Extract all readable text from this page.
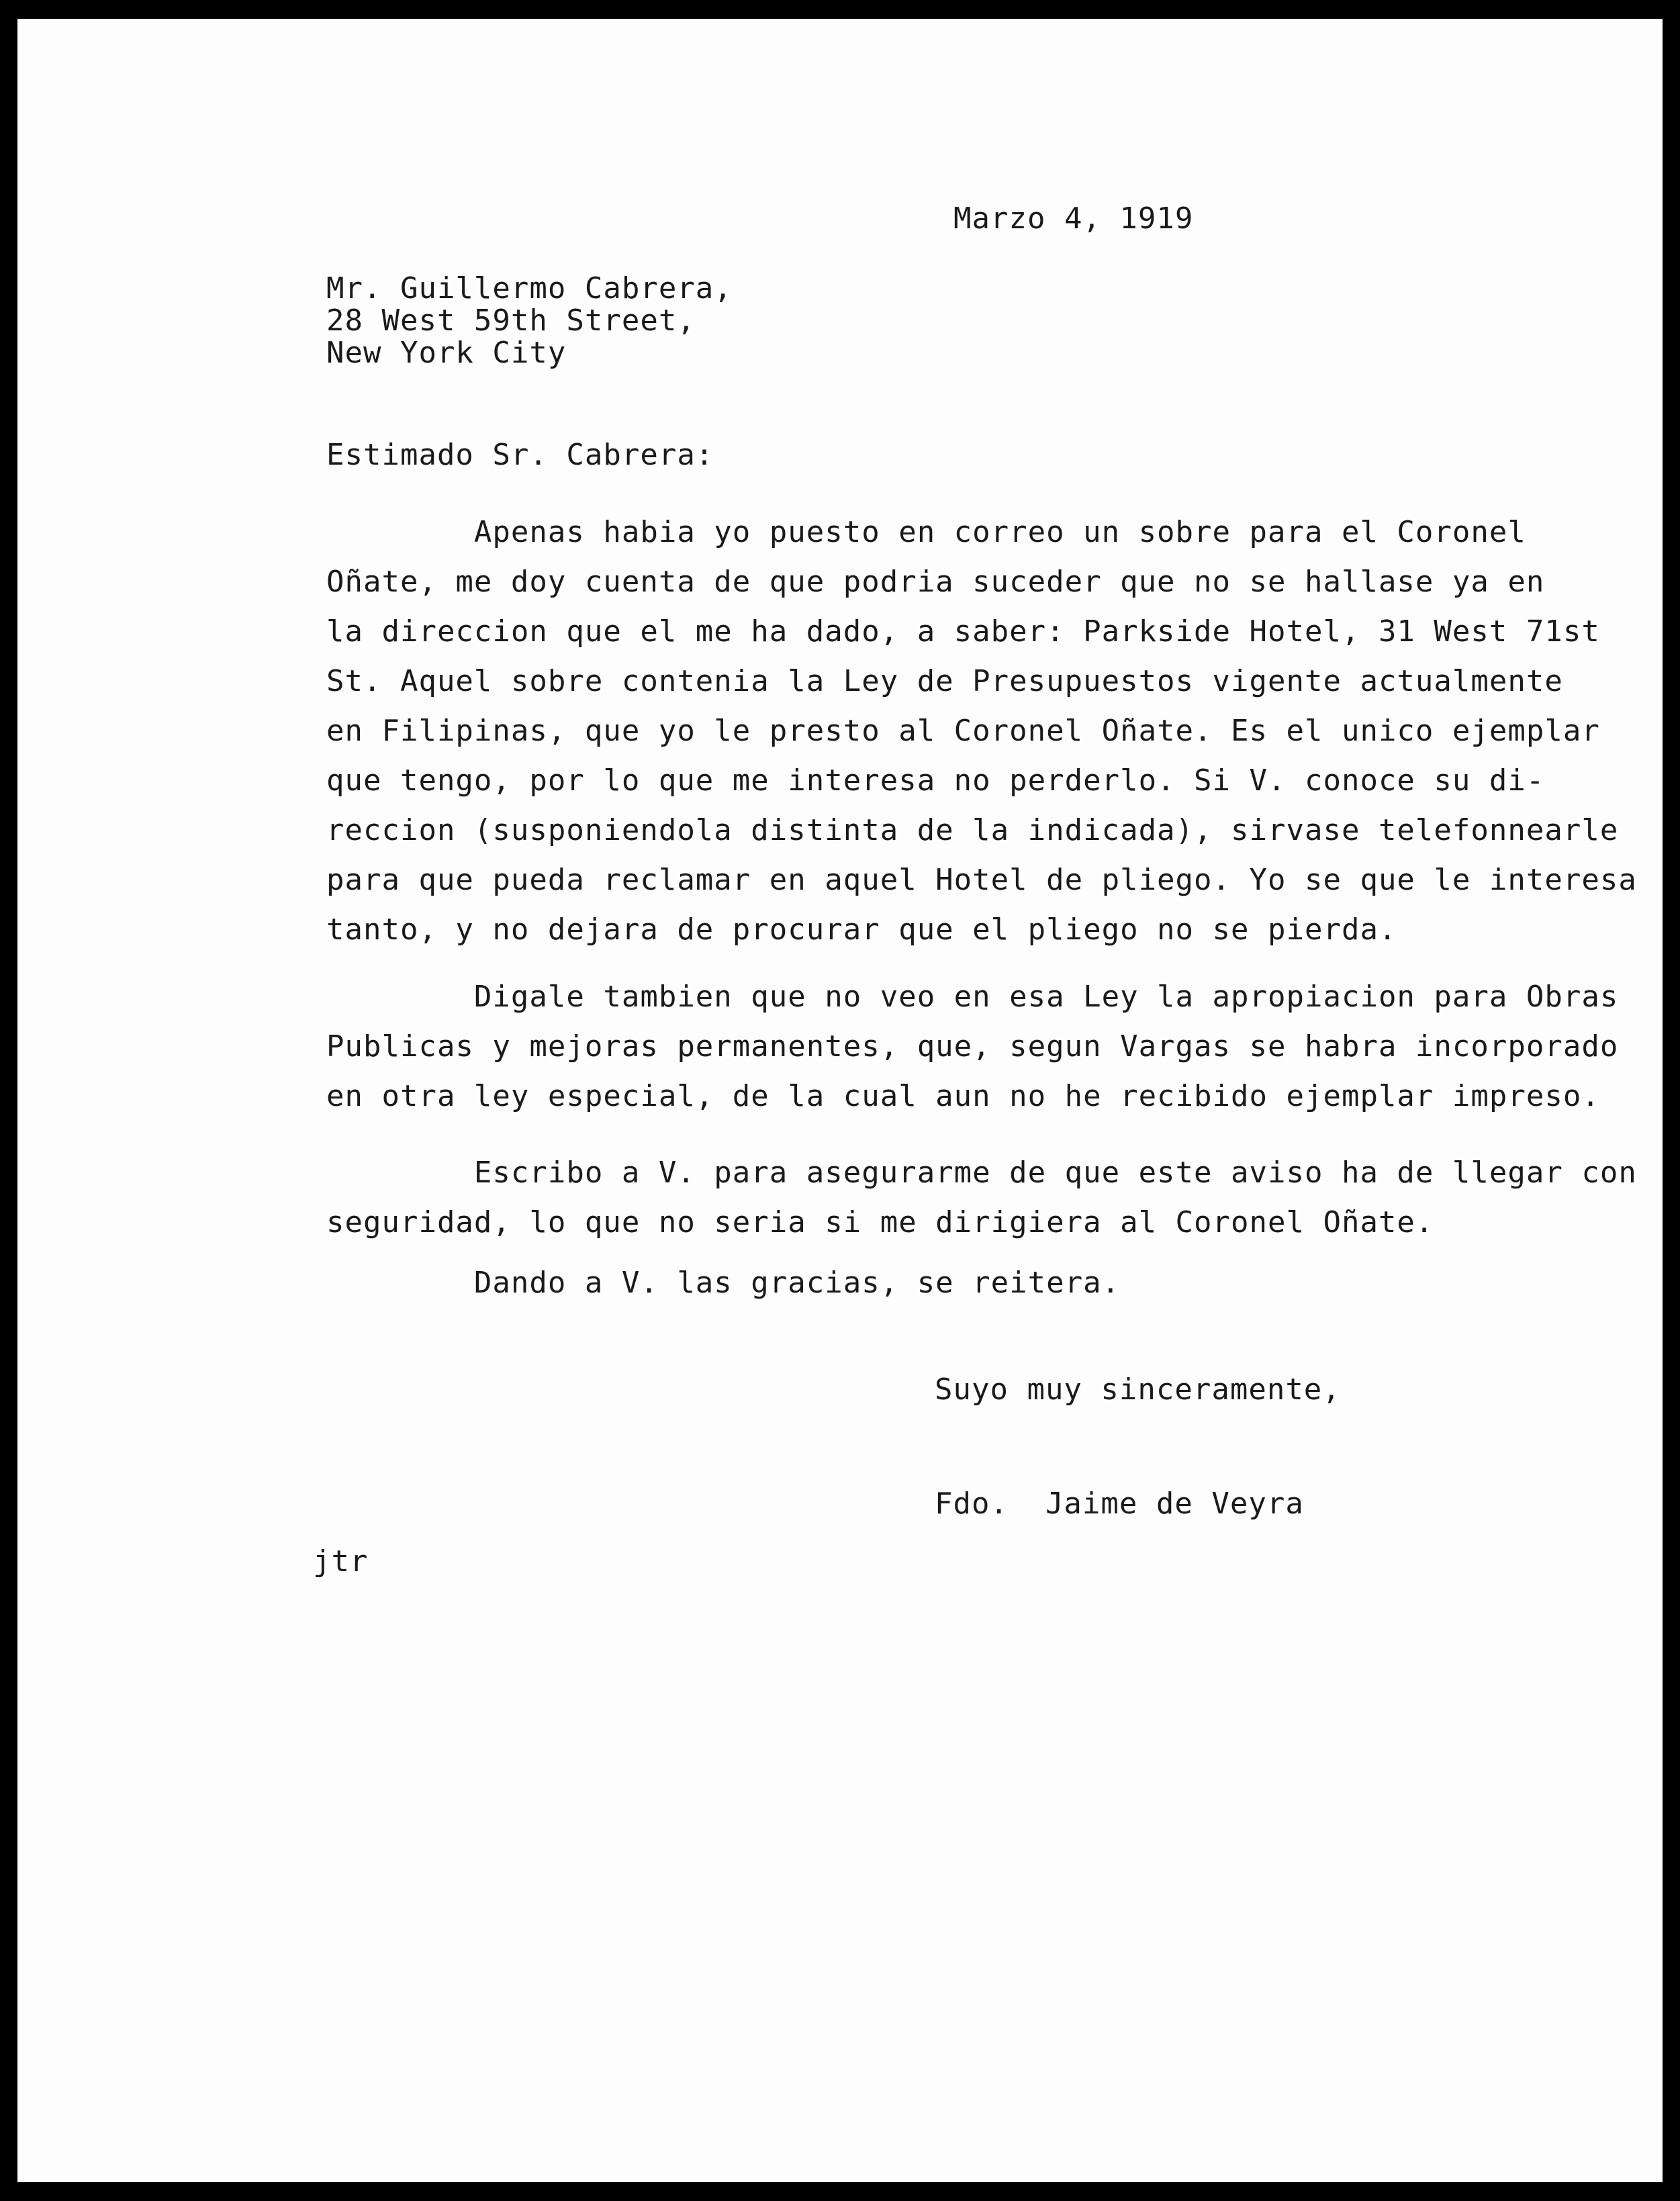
Marzo 4, 1919

Mr. Guillermo Cabrera,

28 West 59th Street,

New York City

Estimado Sr. Cabrera:

Apenas habia yo puesto en correo un sobre para el Coronel
Oñate, me doy cuenta de que podria suceder que no se hallase ya en
la direccion que el me ha dado, a saber: Parkside Hotel, 31 West 71st
St. Aquel sobre contenia la Ley de Presupuestos vigente actualmente
en Filipinas, que yo le presto al Coronel Oñate. Es el unico ejemplar
que tengo, por lo que me interesa no perderlo. Si V. conoce su di-
reccion (susponiendola distinta de la indicada), sirvase telefonnearle
para que pueda reclamar en aquel Hotel de pliego. Yo se que le interesa
tanto, y no dejara de procurar que el pliego no se pierda.
Digale tambien que no veo en esa Ley la apropiacion para Obras
Publicas y mejoras permanentes, que, segun Vargas se habra incorporado
en otra ley especial, de la cual aun no he recibido ejemplar impreso.
Escribo a V. para asegurarme de que este aviso ha de llegar con
seguridad, lo que no seria si me dirigiera al Coronel Oñate.
Dando a V. las gracias, se reitera.

Suyo muy sinceramente,

Fdo.  Jaime de Veyra

jtr
